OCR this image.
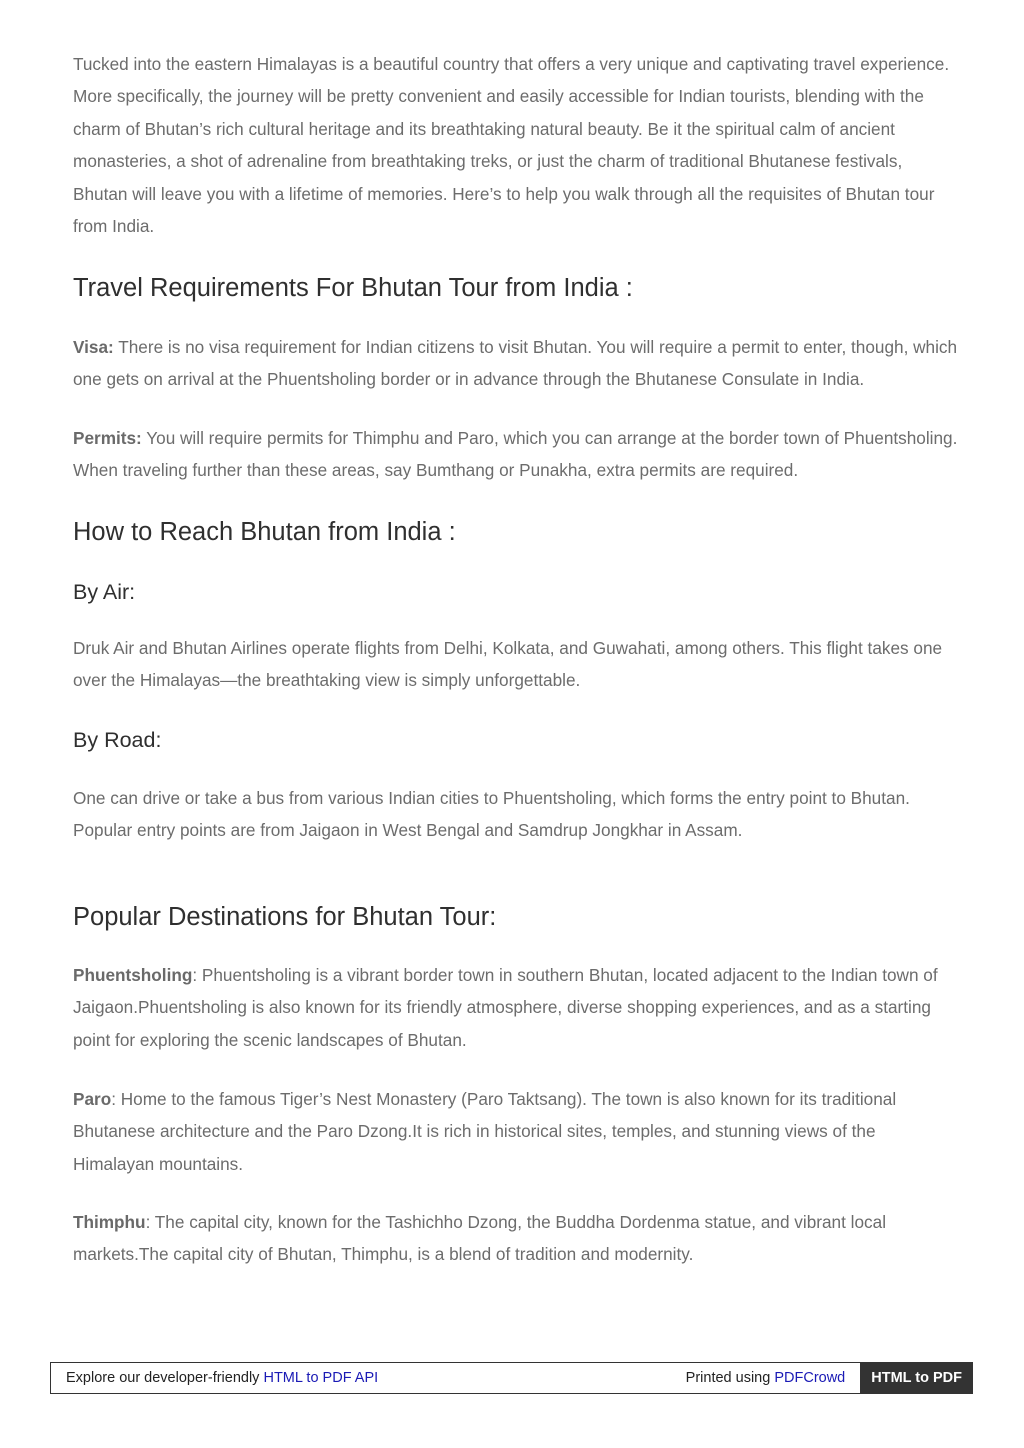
Tucked into the eastern Himalayas is a beautiful country that offers a very unique and captivating travel experience. More specifically, the journey will be pretty convenient and easily accessible for Indian tourists, blending with the charm of Bhutan’s rich cultural heritage and its breathtaking natural beauty. Be it the spiritual calm of ancient monasteries, a shot of adrenaline from breathtaking treks, or just the charm of traditional Bhutanese festivals, Bhutan will leave you with a lifetime of memories. Here’s to help you walk through all the requisites of Bhutan tour from India.

Travel Requirements For Bhutan Tour from India :

Visa: There is no visa requirement for Indian citizens to visit Bhutan. You will require a permit to enter, though, which one gets on arrival at the Phuentsholing border or in advance through the Bhutanese Consulate in India.

Permits: You will require permits for Thimphu and Paro, which you can arrange at the border town of Phuentsholing. When traveling further than these areas, say Bumthang or Punakha, extra permits are required.

How to Reach Bhutan from India :
By Air:

Druk Air and Bhutan Airlines operate flights from Delhi, Kolkata, and Guwahati, among others. This flight takes one over the Himalayas—the breathtaking view is simply unforgettable.

By Road:

One can drive or take a bus from various Indian cities to Phuentsholing, which forms the entry point to Bhutan. Popular entry points are from Jaigaon in West Bengal and Samdrup Jongkhar in Assam.

Popular Destinations for Bhutan Tour:

Phuentsholing: Phuentsholing is a vibrant border town in southern Bhutan, located adjacent to the Indian town of Jaigaon.Phuentsholing is also known for its friendly atmosphere, diverse shopping experiences, and as a starting point for exploring the scenic landscapes of Bhutan.

Paro: Home to the famous Tiger’s Nest Monastery (Paro Taktsang). The town is also known for its traditional Bhutanese architecture and the Paro Dzong.It is rich in historical sites, temples, and stunning views of the Himalayan mountains.

Thimphu: The capital city, known for the Tashichho Dzong, the Buddha Dordenma statue, and vibrant local markets.The capital city of Bhutan, Thimphu, is a blend of tradition and modernity.

Explore our developer-friendly HTML to PDF API	Printed using PDFCrowd	HTML to PDF
